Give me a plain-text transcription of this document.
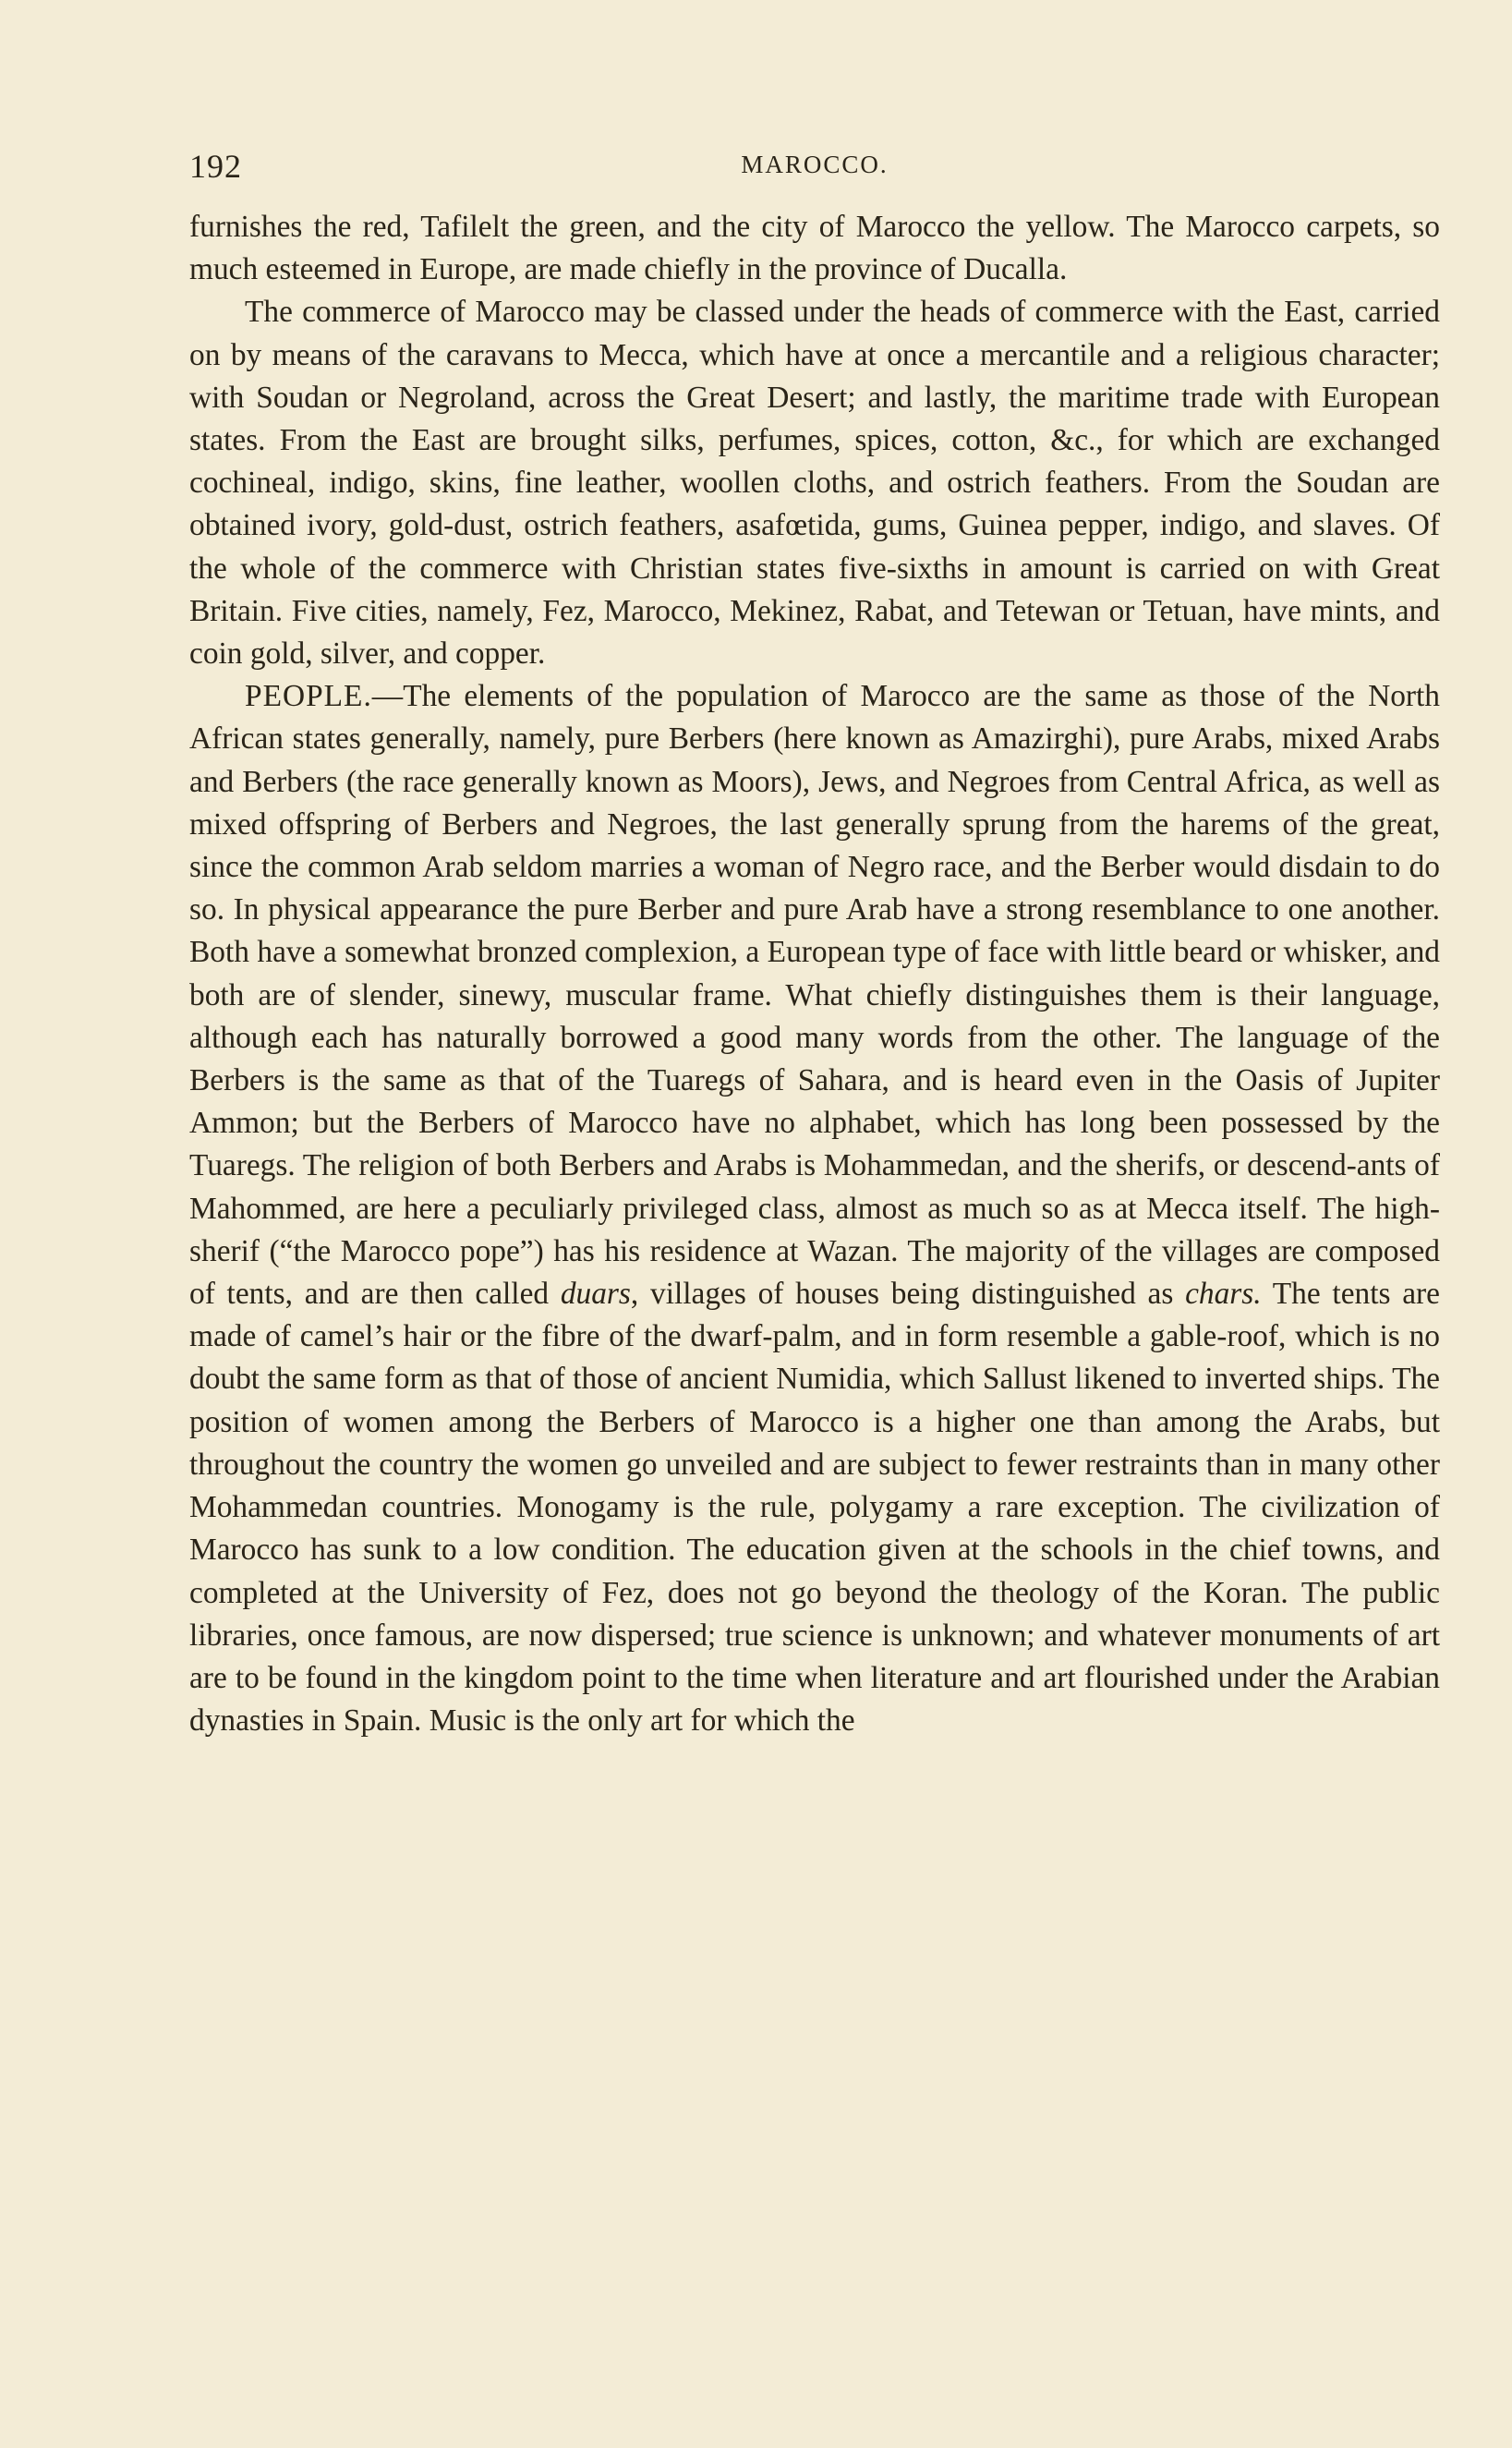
192	MAROCCO.

furnishes the red, Tafilelt the green, and the city of Marocco the yellow. The Marocco carpets, so much esteemed in Europe, are made chiefly in the province of Ducalla.

The commerce of Marocco may be classed under the heads of commerce with the East, carried on by means of the caravans to Mecca, which have at once a mercantile and a religious character; with Soudan or Negroland, across the Great Desert; and lastly, the maritime trade with European states. From the East are brought silks, perfumes, spices, cotton, &c., for which are exchanged cochineal, indigo, skins, fine leather, woollen cloths, and ostrich feathers. From the Soudan are obtained ivory, gold-dust, ostrich feathers, asafœtida, gums, Guinea pepper, indigo, and slaves. Of the whole of the commerce with Christian states five-sixths in amount is carried on with Great Britain. Five cities, namely, Fez, Marocco, Mekinez, Rabat, and Tetewan or Tetuan, have mints, and coin gold, silver, and copper.

PEOPLE.—The elements of the population of Marocco are the same as those of the North African states generally, namely, pure Berbers (here known as Amazirghi), pure Arabs, mixed Arabs and Berbers (the race generally known as Moors), Jews, and Negroes from Central Africa, as well as mixed offspring of Berbers and Negroes, the last generally sprung from the harems of the great, since the common Arab seldom marries a woman of Negro race, and the Berber would disdain to do so. In physical appearance the pure Berber and pure Arab have a strong resemblance to one another. Both have a somewhat bronzed complexion, a European type of face with little beard or whisker, and both are of slender, sinewy, muscular frame. What chiefly distinguishes them is their language, although each has naturally borrowed a good many words from the other. The language of the Berbers is the same as that of the Tuaregs of Sahara, and is heard even in the Oasis of Jupiter Ammon; but the Berbers of Marocco have no alphabet, which has long been possessed by the Tuaregs. The religion of both Berbers and Arabs is Mohammedan, and the sherifs, or descend-ants of Mahommed, are here a peculiarly privileged class, almost as much so as at Mecca itself. The high-sherif (“the Marocco pope”) has his residence at Wazan. The majority of the villages are composed of tents, and are then called duars, villages of houses being distinguished as chars. The tents are made of camel’s hair or the fibre of the dwarf-palm, and in form resemble a gable-roof, which is no doubt the same form as that of those of ancient Numidia, which Sallust likened to inverted ships. The position of women among the Berbers of Marocco is a higher one than among the Arabs, but throughout the country the women go unveiled and are subject to fewer restraints than in many other Mohammedan countries. Monogamy is the rule, polygamy a rare exception. The civilization of Marocco has sunk to a low condition. The education given at the schools in the chief towns, and completed at the University of Fez, does not go beyond the theology of the Koran. The public libraries, once famous, are now dispersed; true science is unknown; and whatever monuments of art are to be found in the kingdom point to the time when literature and art flourished under the Arabian dynasties in Spain. Music is the only art for which the
